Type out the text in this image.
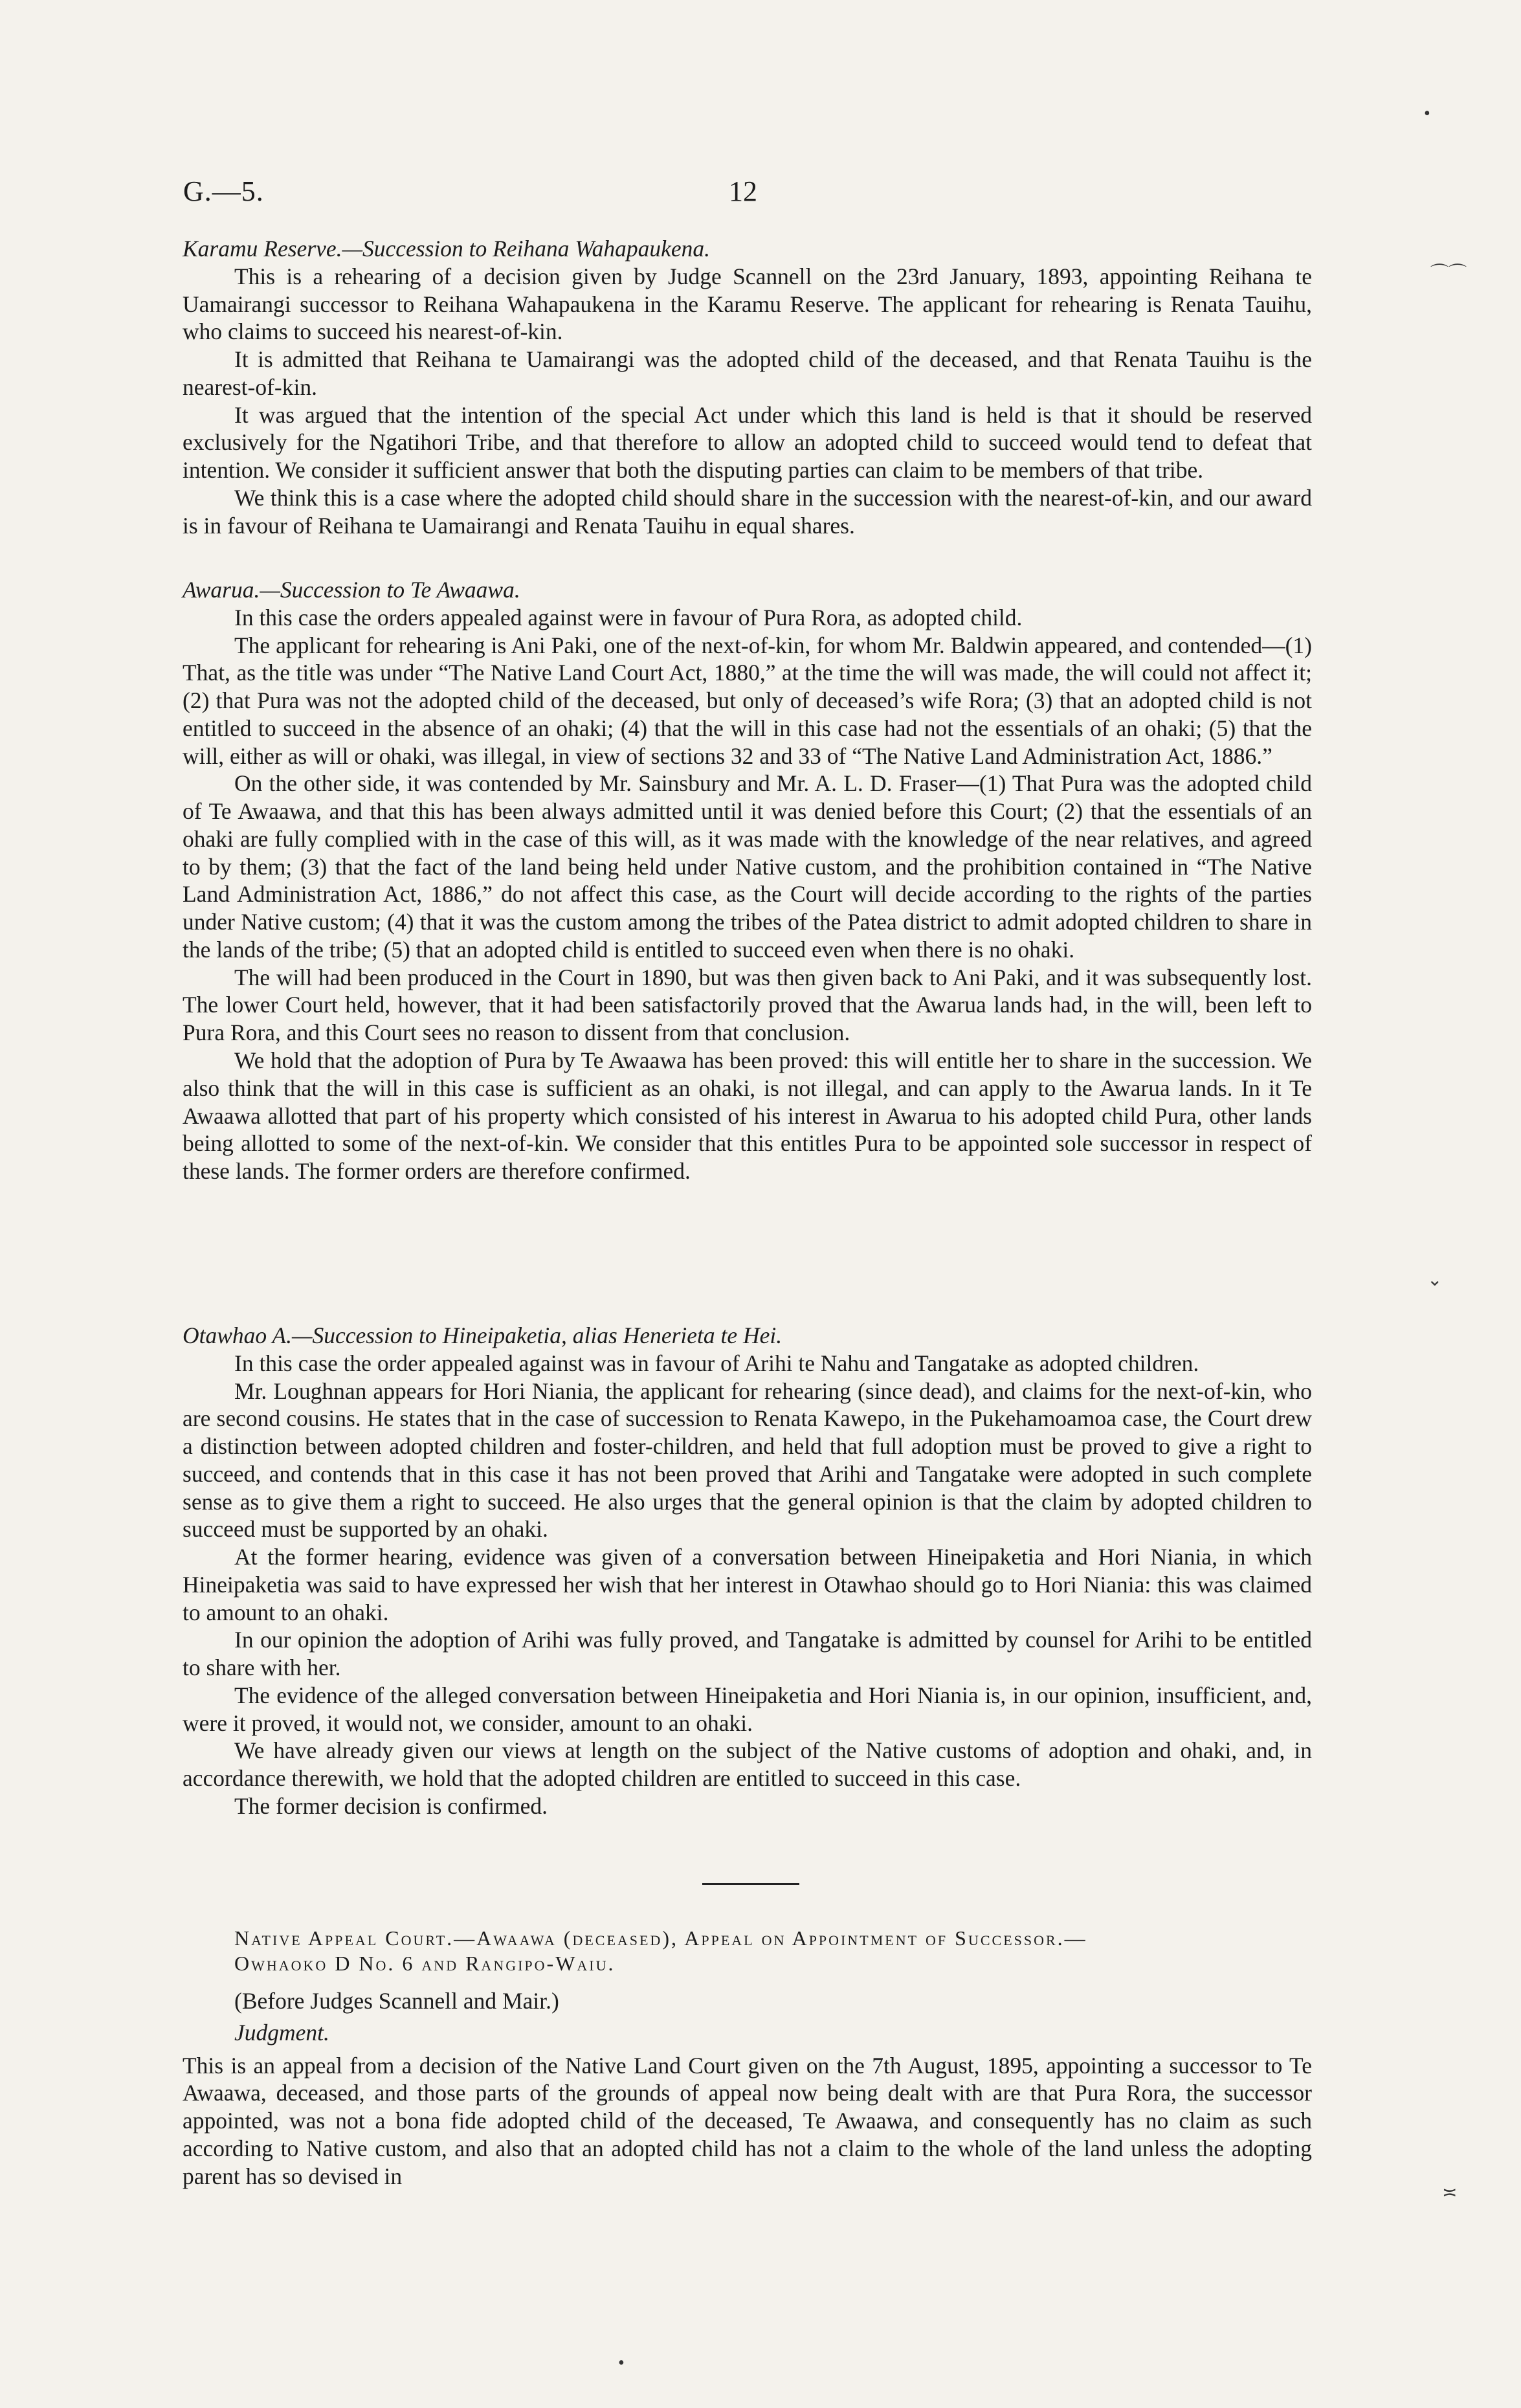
G.—5.	12

Karamu Reserve.—Succession to Reihana Wahapaukena.

This is a rehearing of a decision given by Judge Scannell on the 23rd January, 1893, appointing Reihana te Uamairangi successor to Reihana Wahapaukena in the Karamu Reserve. The applicant for rehearing is Renata Tauihu, who claims to succeed his nearest-of-kin.

It is admitted that Reihana te Uamairangi was the adopted child of the deceased, and that Renata Tauihu is the nearest-of-kin.

It was argued that the intention of the special Act under which this land is held is that it should be reserved exclusively for the Ngatihori Tribe, and that therefore to allow an adopted child to succeed would tend to defeat that intention. We consider it sufficient answer that both the disputing parties can claim to be members of that tribe.

We think this is a case where the adopted child should share in the succession with the nearest-of-kin, and our award is in favour of Reihana te Uamairangi and Renata Tauihu in equal shares.

Awarua.—Succession to Te Awaawa.

In this case the orders appealed against were in favour of Pura Rora, as adopted child.

The applicant for rehearing is Ani Paki, one of the next-of-kin, for whom Mr. Baldwin appeared, and contended—(1) That, as the title was under “The Native Land Court Act, 1880,” at the time the will was made, the will could not affect it; (2) that Pura was not the adopted child of the deceased, but only of deceased’s wife Rora; (3) that an adopted child is not entitled to succeed in the absence of an ohaki; (4) that the will in this case had not the essentials of an ohaki; (5) that the will, either as will or ohaki, was illegal, in view of sections 32 and 33 of “The Native Land Administration Act, 1886.”

On the other side, it was contended by Mr. Sainsbury and Mr. A. L. D. Fraser—(1) That Pura was the adopted child of Te Awaawa, and that this has been always admitted until it was denied before this Court; (2) that the essentials of an ohaki are fully complied with in the case of this will, as it was made with the knowledge of the near relatives, and agreed to by them; (3) that the fact of the land being held under Native custom, and the prohibition contained in “The Native Land Administration Act, 1886,” do not affect this case, as the Court will decide according to the rights of the parties under Native custom; (4) that it was the custom among the tribes of the Patea district to admit adopted children to share in the lands of the tribe; (5) that an adopted child is entitled to succeed even when there is no ohaki.

The will had been produced in the Court in 1890, but was then given back to Ani Paki, and it was subsequently lost. The lower Court held, however, that it had been satisfactorily proved that the Awarua lands had, in the will, been left to Pura Rora, and this Court sees no reason to dissent from that conclusion.

We hold that the adoption of Pura by Te Awaawa has been proved: this will entitle her to share in the succession. We also think that the will in this case is sufficient as an ohaki, is not illegal, and can apply to the Awarua lands. In it Te Awaawa allotted that part of his property which consisted of his interest in Awarua to his adopted child Pura, other lands being allotted to some of the next-of-kin. We consider that this entitles Pura to be appointed sole successor in respect of these lands. The former orders are therefore confirmed.

Otawhao A.—Succession to Hineipaketia, alias Henerieta te Hei.

In this case the order appealed against was in favour of Arihi te Nahu and Tangatake as adopted children.

Mr. Loughnan appears for Hori Niania, the applicant for rehearing (since dead), and claims for the next-of-kin, who are second cousins. He states that in the case of succession to Renata Kawepo, in the Pukehamoamoa case, the Court drew a distinction between adopted children and foster-children, and held that full adoption must be proved to give a right to succeed, and contends that in this case it has not been proved that Arihi and Tangatake were adopted in such complete sense as to give them a right to succeed. He also urges that the general opinion is that the claim by adopted children to succeed must be supported by an ohaki.

At the former hearing, evidence was given of a conversation between Hineipaketia and Hori Niania, in which Hineipaketia was said to have expressed her wish that her interest in Otawhao should go to Hori Niania: this was claimed to amount to an ohaki.

In our opinion the adoption of Arihi was fully proved, and Tangatake is admitted by counsel for Arihi to be entitled to share with her.

The evidence of the alleged conversation between Hineipaketia and Hori Niania is, in our opinion, insufficient, and, were it proved, it would not, we consider, amount to an ohaki.

We have already given our views at length on the subject of the Native customs of adoption and ohaki, and, in accordance therewith, we hold that the adopted children are entitled to succeed in this case.

The former decision is confirmed.

Native Appeal Court.—Awaawa (deceased), Appeal on Appointment of Successor.—

Owhaoko D No. 6 and Rangipo-Waiu.

(Before Judges Scannell and Mair.)

Judgment.

This is an appeal from a decision of the Native Land Court given on the 7th August, 1895, appointing a successor to Te Awaawa, deceased, and those parts of the grounds of appeal now being dealt with are that Pura Rora, the successor appointed, was not a bona fide adopted child of the deceased, Te Awaawa, and consequently has no claim as such according to Native custom, and also that an adopted child has not a claim to the whole of the land unless the adopting parent has so devised in

•
⌒⌒
⌄
≍
•
